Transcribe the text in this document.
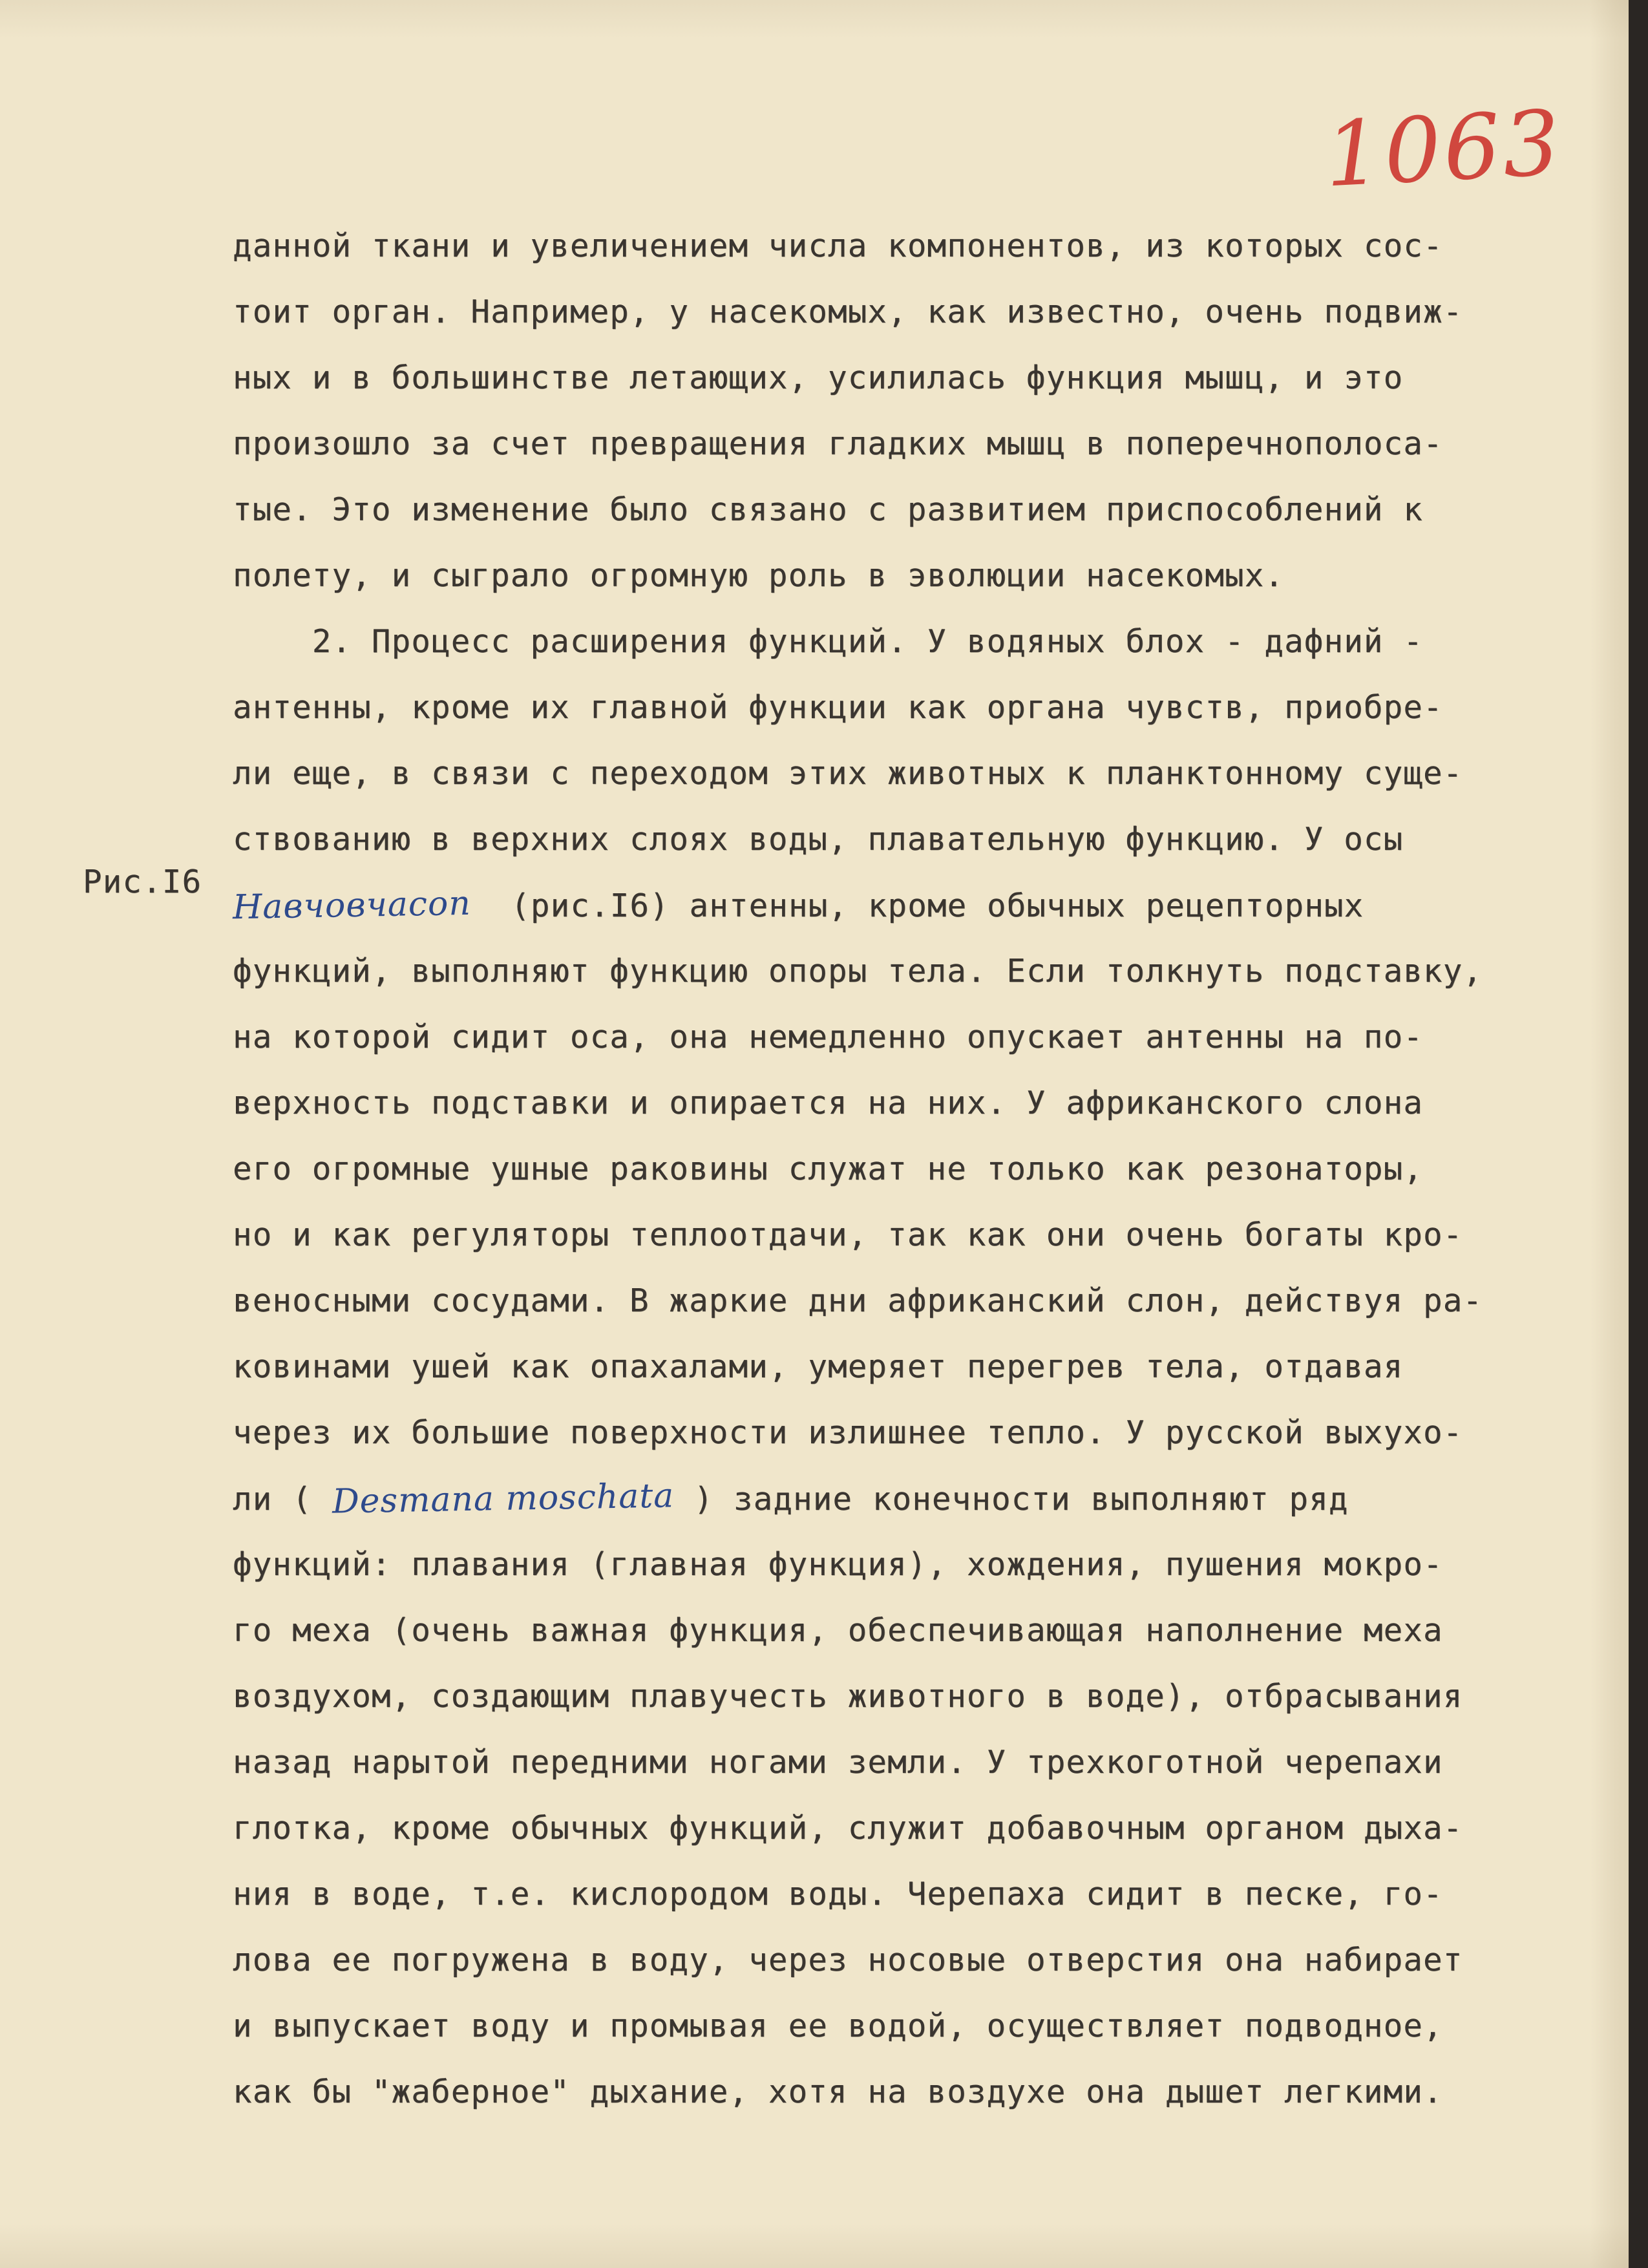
1063
Рис.I6
данной ткани и увеличением числа компонентов, из которых сос-
тоит орган. Например, у насекомых, как известно, очень подвиж-
ных и в большинстве летающих, усилилась функция мышц, и это
произошло за счет превращения гладких мышц в поперечнополоса-
тые. Это изменение было связано с развитием приспособлений к
полету, и сыграло огромную роль в эволюции насекомых.
2. Процесс расширения функций. У водяных блох - дафний -
антенны, кроме их главной функции как органа чувств, приобре-
ли еще, в связи с переходом этих животных к планктонному суще-
ствованию в верхних слоях воды, плавательную функцию. У осы
Навчовчасоп  (рис.I6) антенны, кроме обычных рецепторных
функций, выполняют функцию опоры тела. Если толкнуть подставку,
на которой сидит оса, она немедленно опускает антенны на по-
верхность подставки и опирается на них. У африканского слона
его огромные ушные раковины служат не только как резонаторы,
но и как регуляторы теплоотдачи, так как они очень богаты кро-
веносными сосудами. В жаркие дни африканский слон, действуя ра-
ковинами ушей как опахалами, умеряет перегрев тела, отдавая
через их большие поверхности излишнее тепло. У русской выхухо-
ли ( Desmana moschata ) задние конечности выполняют ряд
функций: плавания (главная функция), хождения, пушения мокро-
го меха (очень важная функция, обеспечивающая наполнение меха
воздухом, создающим плавучесть животного в воде), отбрасывания
назад нарытой передними ногами земли. У трехкоготной черепахи
глотка, кроме обычных функций, служит добавочным органом дыха-
ния в воде, т.е. кислородом воды. Черепаха сидит в песке, го-
лова ее погружена в воду, через носовые отверстия она набирает
и выпускает воду и промывая ее водой, осуществляет подводное,
как бы "жаберное" дыхание, хотя на воздухе она дышет легкими.
